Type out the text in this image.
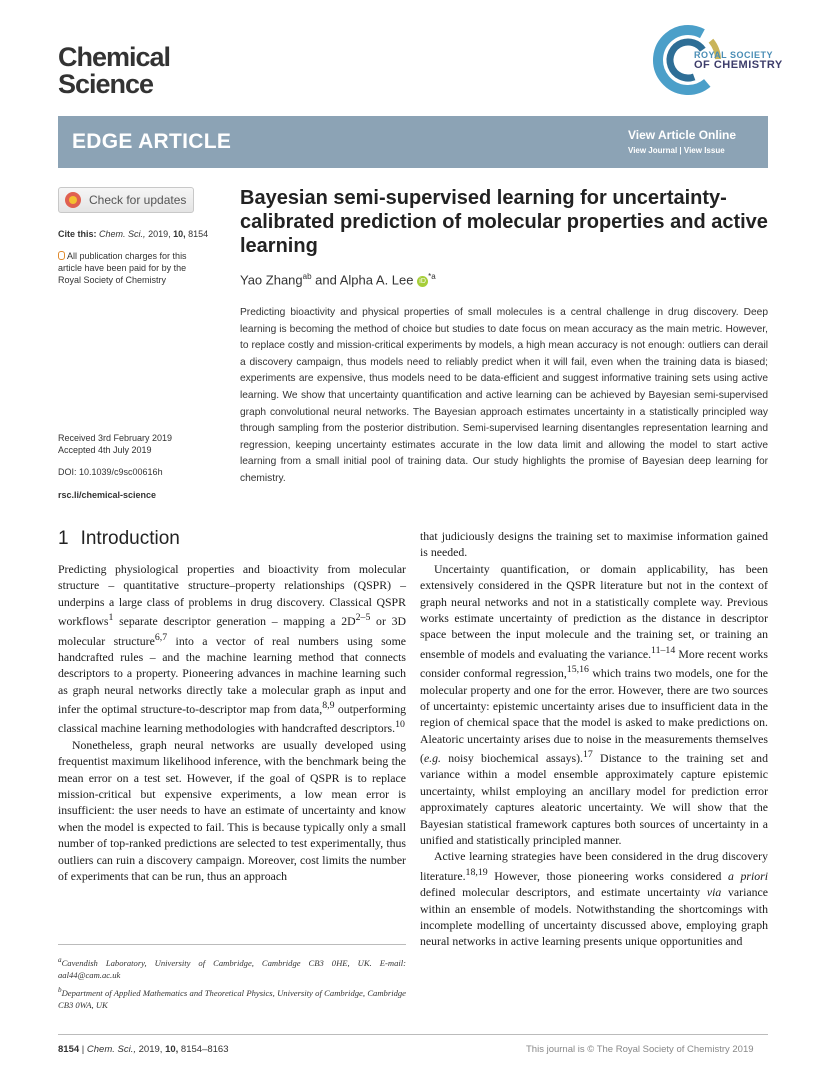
Chemical
Science
ROYAL SOCIETY
OF CHEMISTRY
EDGE ARTICLE	View Article Online
View Journal | View Issue
Check for updates
Cite this: Chem. Sci., 2019, 10, 8154
All publication charges for this article have been paid for by the Royal Society of Chemistry
Received 3rd February 2019
Accepted 4th July 2019
DOI: 10.1039/c9sc00616h
rsc.li/chemical-science
Bayesian semi-supervised learning for uncertainty-calibrated prediction of molecular properties and active learning
Yao Zhang$^{ab}$ and Alpha A. Lee $iD^{*a}$
Predicting bioactivity and physical properties of small molecules is a central challenge in drug discovery. Deep learning is becoming the method of choice but studies to date focus on mean accuracy as the main metric. However, to replace costly and mission-critical experiments by models, a high mean accuracy is not enough: outliers can derail a discovery campaign, thus models need to reliably predict when it will fail, even when the training data is biased; experiments are expensive, thus models need to be data-efficient and suggest informative training sets using active learning. We show that uncertainty quantification and active learning can be achieved by Bayesian semi-supervised graph convolutional neural networks. The Bayesian approach estimates uncertainty in a statistically principled way through sampling from the posterior distribution. Semi-supervised learning disentangles representation learning and regression, keeping uncertainty estimates accurate in the low data limit and allowing the model to start active learning from a small initial pool of training data. Our study highlights the promise of Bayesian deep learning for chemistry.
1 Introduction

Predicting physiological properties and bioactivity from molecular structure – quantitative structure–property relationships (QSPR) – underpins a large class of problems in drug discovery. Classical QSPR workflows$^1$ separate descriptor generation – mapping a $2D^{2-5}$ or 3D molecular structure$^{6,7}$ into a vector of real numbers using some handcrafted rules – and the machine learning method that connects descriptors to a property. Pioneering advances in machine learning such as graph neural networks directly take a molecular graph as input and infer the optimal structure-to-descriptor map from data,$^{8,9}$ outperforming classical machine learning methodologies with handcrafted descriptors.$^{10}$

Nonetheless, graph neural networks are usually developed using frequentist maximum likelihood inference, with the benchmark being the mean error on a test set. However, if the goal of QSPR is to replace mission-critical but expensive experiments, a low mean error is insufficient: the user needs to have an estimate of uncertainty and know when the model is expected to fail. This is because typically only a small number of top-ranked predictions are selected to test experimentally, thus outliers can ruin a discovery campaign. Moreover, cost limits the number of experiments that can be run, thus an approach

that judiciously designs the training set to maximise information gained is needed.

Uncertainty quantification, or domain applicability, has been extensively considered in the QSPR literature but not in the context of graph neural networks and not in a statistically complete way. Previous works estimate uncertainty of prediction as the distance in descriptor space between the input molecule and the training set, or training an ensemble of models and evaluating the variance.$^{11-14}$ More recent works consider conformal regression,$^{15,16}$ which trains two models, one for the molecular property and one for the error. However, there are two sources of uncertainty: epistemic uncertainty arises due to insufficient data in the region of chemical space that the model is asked to make predictions on. Aleatoric uncertainty arises due to noise in the measurements themselves (e.g. noisy biochemical assays).$^{17}$ Distance to the training set and variance within a model ensemble approximately capture epistemic uncertainty, whilst employing an ancillary model for prediction error approximately captures aleatoric uncertainty. We will show that the Bayesian statistical framework captures both sources of uncertainty in a unified and statistically principled manner.

Active learning strategies have been considered in the drug discovery literature.$^{18,19}$ However, those pioneering works considered a priori defined molecular descriptors, and estimate uncertainty via variance within an ensemble of models. Notwithstanding the shortcomings with incomplete modelling of uncertainty discussed above, employing graph neural networks in active learning presents unique opportunities and

$^a$Cavendish Laboratory, University of Cambridge, Cambridge CB3 0HE, UK. E-mail: aal44@cam.ac.uk
$^b$Department of Applied Mathematics and Theoretical Physics, University of Cambridge, Cambridge CB3 0WA, UK
8154 | Chem. Sci., 2019, 10, 8154–8163	This journal is © The Royal Society of Chemistry 2019
